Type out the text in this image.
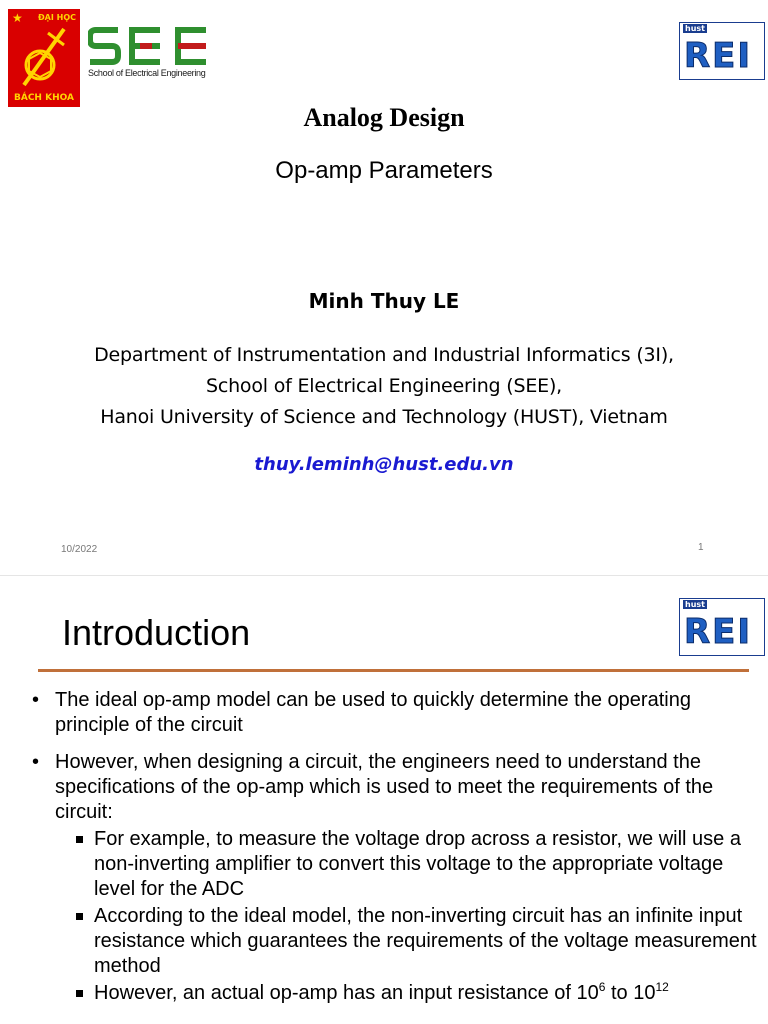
★	ĐẠI HỌC
BÁCH KHOA
School of Electrical Engineering
hust
REI
Analog Design
Op-amp Parameters
Minh Thuy LE
Department of Instrumentation and Industrial Informatics (3I),
School of Electrical Engineering (SEE),
Hanoi University of Science and Technology (HUST), Vietnam
thuy.leminh@hust.edu.vn
10/2022	1
Introduction
hust
REI
• The ideal op-amp model can be used to quickly determine the operating principle of the circuit
• However, when designing a circuit, the engineers need to understand the specifications of the op-amp which is used to meet the requirements of the circuit:
For example, to measure the voltage drop across a resistor, we will use a non-inverting amplifier to convert this voltage to the appropriate voltage level for the ADC
According to the ideal model, the non-inverting circuit has an infinite input resistance which guarantees the requirements of the voltage measurement method
However, an actual op-amp has an input resistance of $10^6$ to $10^{12}$
